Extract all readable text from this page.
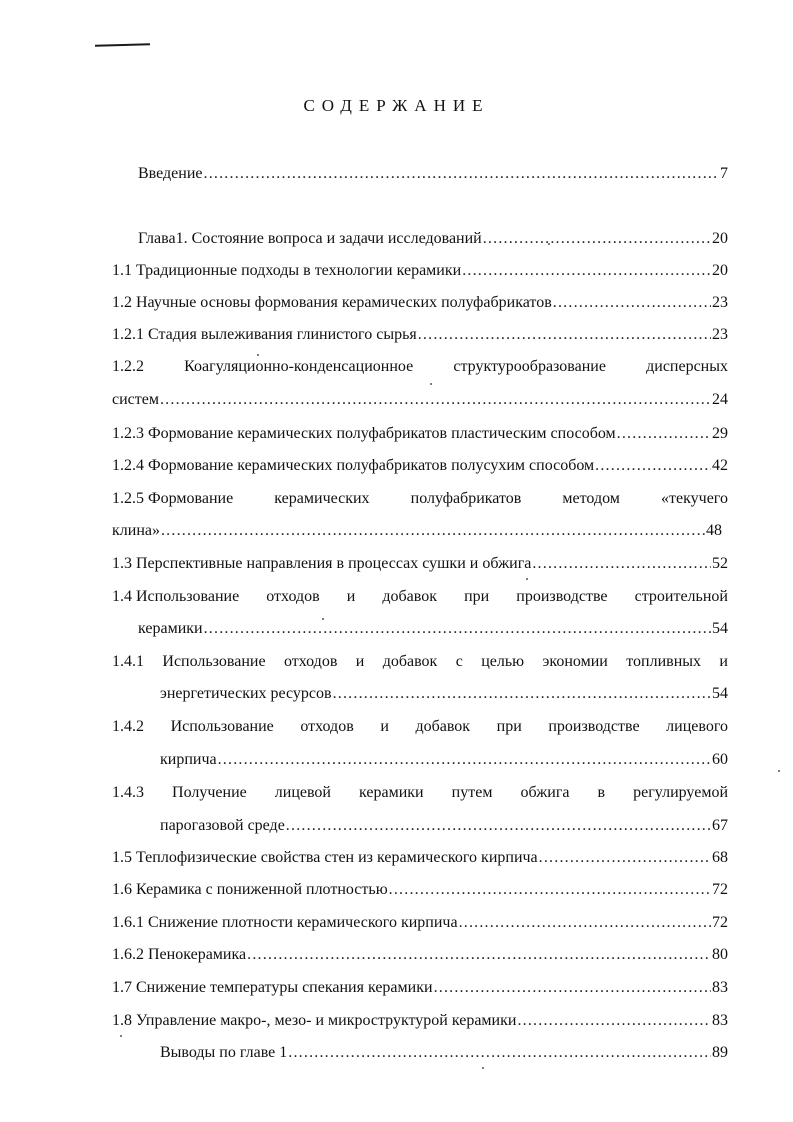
СОДЕРЖАНИЕ
Введение .....	7
Глава1. Состояние вопроса и задачи исследований .....	20
1.1 Традиционные подходы в технологии керамики .....	20
1.2 Научные основы формования керамических полуфабрикатов .....	23
1.2.1 Стадия вылеживания глинистого сырья .....	23
1.2.2	Коагуляционно-конденсационное	структурообразование	дисперсных
систем .....	24
1.2.3 Формование керамических полуфабрикатов пластическим способом .....	29
1.2.4 Формование керамических полуфабрикатов полусухим способом .....	42
1.2.5 Формование	керамических	полуфабрикатов	методом	«текучего
клина» .....	48
1.3 Перспективные направления в процессах сушки и обжига .....	52
1.4 Использование отходов и добавок при производстве строительной
керамики .....	54
1.4.1 Использование отходов и добавок с целью экономии топливных и
энергетических ресурсов .....	54
1.4.2 Использование отходов и добавок при производстве лицевого
кирпича .....	60
1.4.3 Получение лицевой керамики путем обжига в регулируемой
парогазовой среде .....	67
1.5 Теплофизические свойства стен из керамического кирпича .....	68
1.6 Керамика с пониженной плотностью .....	72
1.6.1 Снижение плотности керамического кирпича .....	72
1.6.2 Пенокерамика .....	80
1.7 Снижение температуры спекания керамики .....	83
1.8 Управление макро-, мезо- и микроструктурой керамики .....	83
Выводы по главе 1 .....	89
